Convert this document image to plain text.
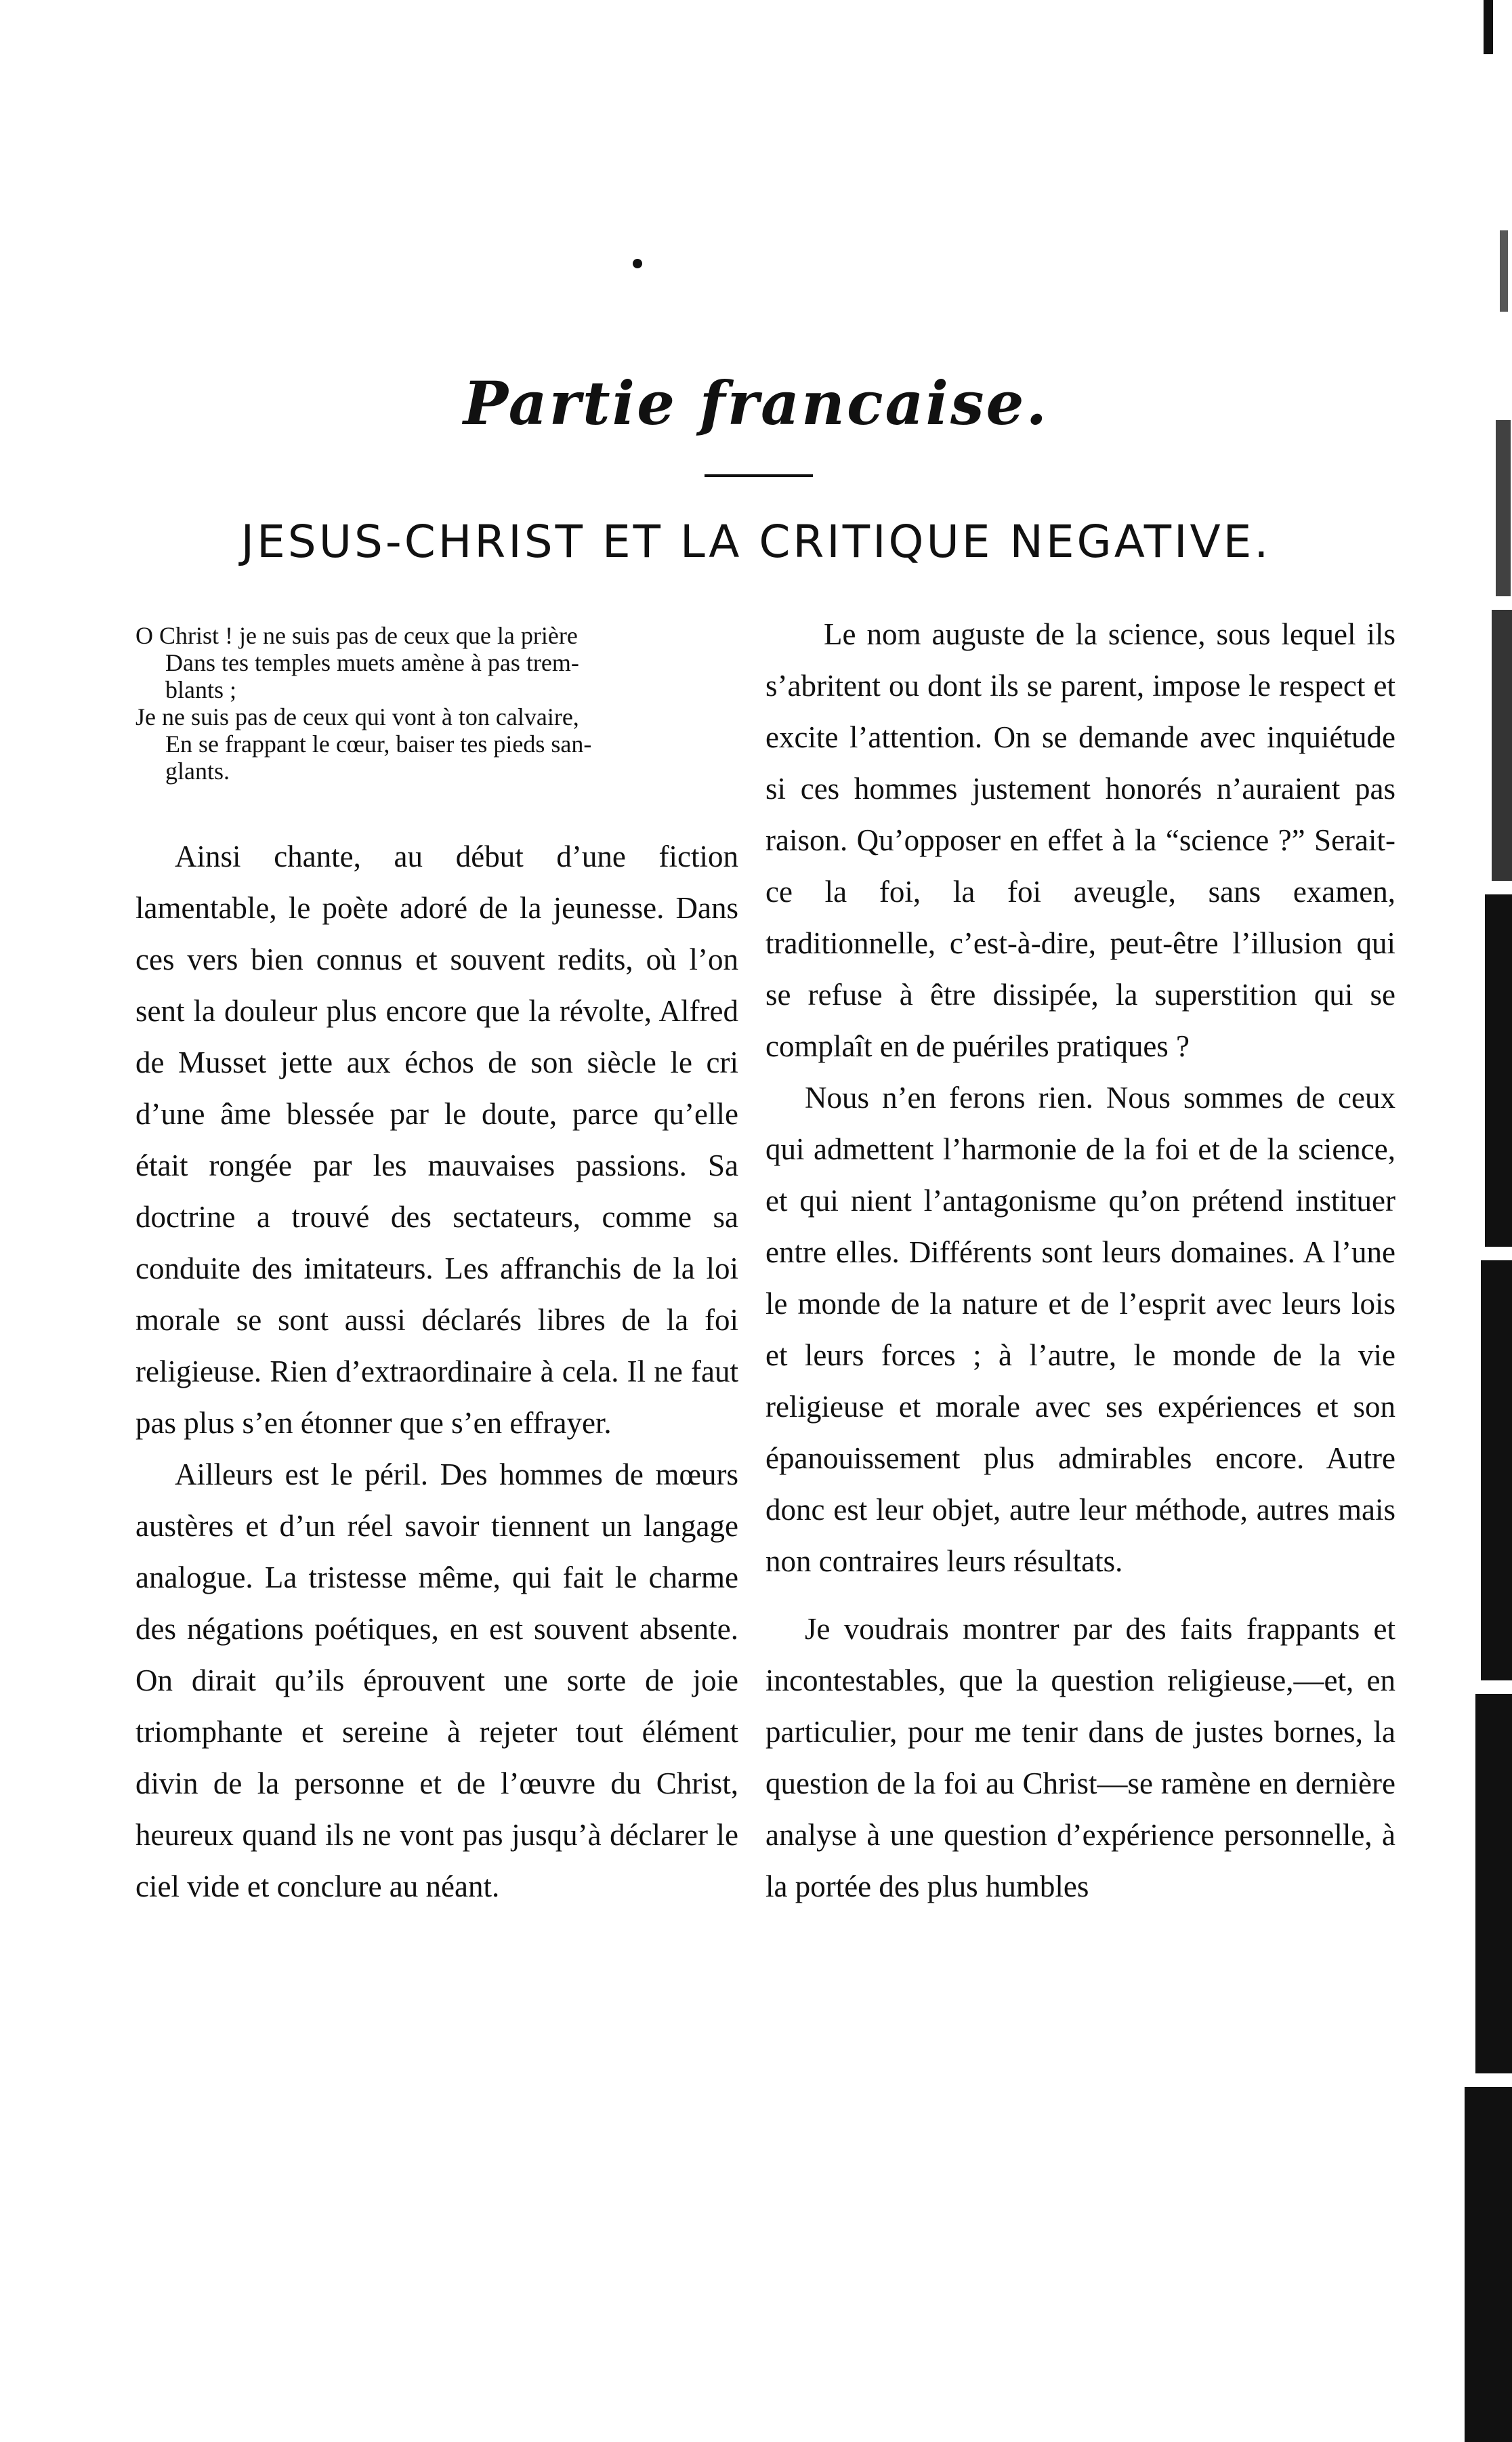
Partie francaise.
JESUS-CHRIST ET LA CRITIQUE NEGATIVE.
O Christ ! je ne suis pas de ceux que la prière
Dans tes temples muets amène à pas trem-
blants ;
Je ne suis pas de ceux qui vont à ton calvaire,
En se frappant le cœur, baiser tes pieds san-
glants.

Ainsi chante, au début d’une fiction lamentable, le poète adoré de la jeunesse. Dans ces vers bien connus et souvent redits, où l’on sent la douleur plus encore que la révolte, Alfred de Musset jette aux échos de son siècle le cri d’une âme blessée par le doute, parce qu’elle était rongée par les mauvaises passions. Sa doctrine a trouvé des sectateurs, comme sa conduite des imitateurs. Les affranchis de la loi morale se sont aussi déclarés libres de la foi religieuse. Rien d’extraordinaire à cela. Il ne faut pas plus s’en étonner que s’en effrayer.

Ailleurs est le péril. Des hommes de mœurs austères et d’un réel savoir tiennent un langage analogue. La tristesse même, qui fait le charme des négations poétiques, en est souvent absente. On dirait qu’ils éprouvent une sorte de joie triomphante et sereine à rejeter tout élément divin de la personne et de l’œuvre du Christ, heureux quand ils ne vont pas jusqu’à déclarer le ciel vide et conclure au néant.

Le nom auguste de la science, sous lequel ils s’abritent ou dont ils se parent, impose le respect et excite l’attention. On se demande avec inquiétude si ces hommes justement honorés n’auraient pas raison. Qu’opposer en effet à la “science ?” Serait-ce la foi, la foi aveugle, sans examen, traditionnelle, c’est-à-dire, peut-être l’illusion qui se refuse à être dissipée, la superstition qui se complaît en de puériles pratiques ?

Nous n’en ferons rien. Nous sommes de ceux qui admettent l’harmonie de la foi et de la science, et qui nient l’antagonisme qu’on prétend instituer entre elles. Différents sont leurs domaines. A l’une le monde de la nature et de l’esprit avec leurs lois et leurs forces ; à l’autre, le monde de la vie religieuse et morale avec ses expériences et son épanouissement plus admirables encore. Autre donc est leur objet, autre leur méthode, autres mais non contraires leurs résultats.

Je voudrais montrer par des faits frappants et incontestables, que la question religieuse,—et, en particulier, pour me tenir dans de justes bornes, la question de la foi au Christ—se ramène en dernière analyse à une question d’expérience personnelle, à la portée des plus humbles
